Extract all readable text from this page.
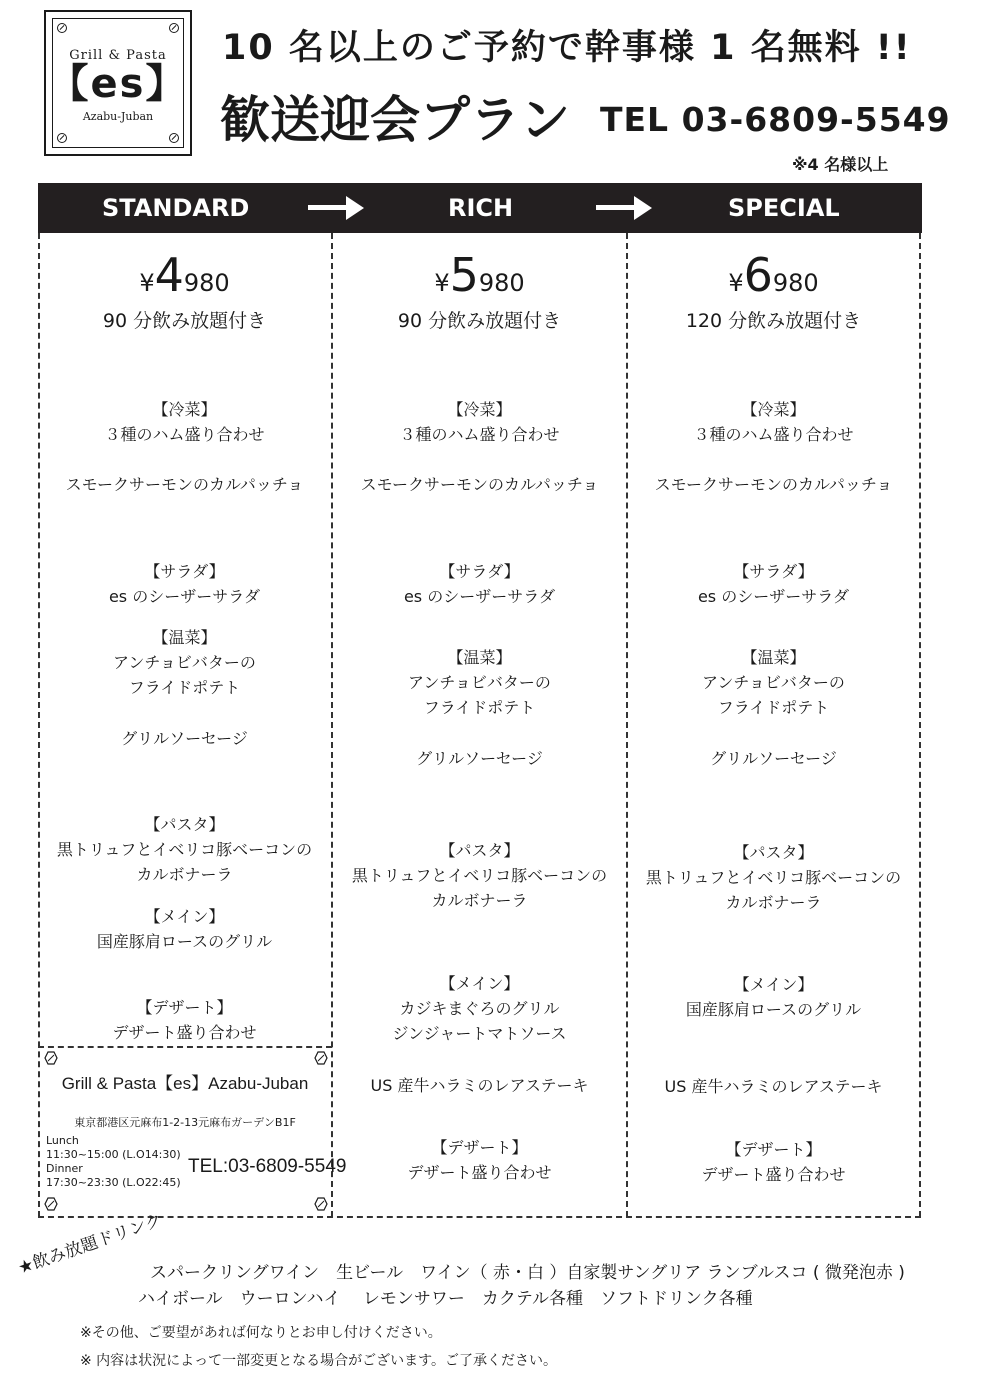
Grill & Pasta
【es】
Azabu-Juban
10 名以上のご予約で幹事様 1 名無料 !!
歓送迎会プラン TEL 03-6809-5549
※4 名様以上
STANDARD	RICH	SPECIAL
¥4980
90 分飲み放題付き
【冷菜】
３種のハム盛り合わせ
スモークサーモンのカルパッチョ
【サラダ】
es のシーザーサラダ
【温菜】
アンチョビバターの
フライドポテト
グリルソーセージ
【パスタ】
黒トリュフとイベリコ豚ベーコンの
カルボナーラ
【メイン】
国産豚肩ロースのグリル
【デザート】
デザート盛り合わせ
¥5980
90 分飲み放題付き
【冷菜】
３種のハム盛り合わせ
スモークサーモンのカルパッチョ
【サラダ】
es のシーザーサラダ
【温菜】
アンチョビバターの
フライドポテト
グリルソーセージ
【パスタ】
黒トリュフとイベリコ豚ベーコンの
カルボナーラ
【メイン】
カジキまぐろのグリル
ジンジャートマトソース
US 産牛ハラミのレアステーキ
【デザート】
デザート盛り合わせ
¥6980
120 分飲み放題付き
【冷菜】
３種のハム盛り合わせ
スモークサーモンのカルパッチョ
【サラダ】
es のシーザーサラダ
【温菜】
アンチョビバターの
フライドポテト
グリルソーセージ
【パスタ】
黒トリュフとイベリコ豚ベーコンの
カルボナーラ
【メイン】
国産豚肩ロースのグリル
US 産牛ハラミのレアステーキ
【デザート】
デザート盛り合わせ
Grill & Pasta【es】Azabu-Juban
東京都港区元麻布1-2-13元麻布ガーデンB1F
Lunch
11:30~15:00 (L.O14:30)
Dinner
17:30~23:30 (L.O22:45)
TEL:03-6809-5549
★飲み放題ドリンク
スパークリングワイン　生ビール　ワイン（ 赤・白 ）自家製サングリア ランブルスコ ( 微発泡赤 )
ハイボール　ウーロンハイ　 レモンサワー　カクテル各種　ソフトドリンク各種
※その他、ご要望があれば何なりとお申し付けください。
※ 内容は状況によって一部変更となる場合がございます。ご了承ください。
